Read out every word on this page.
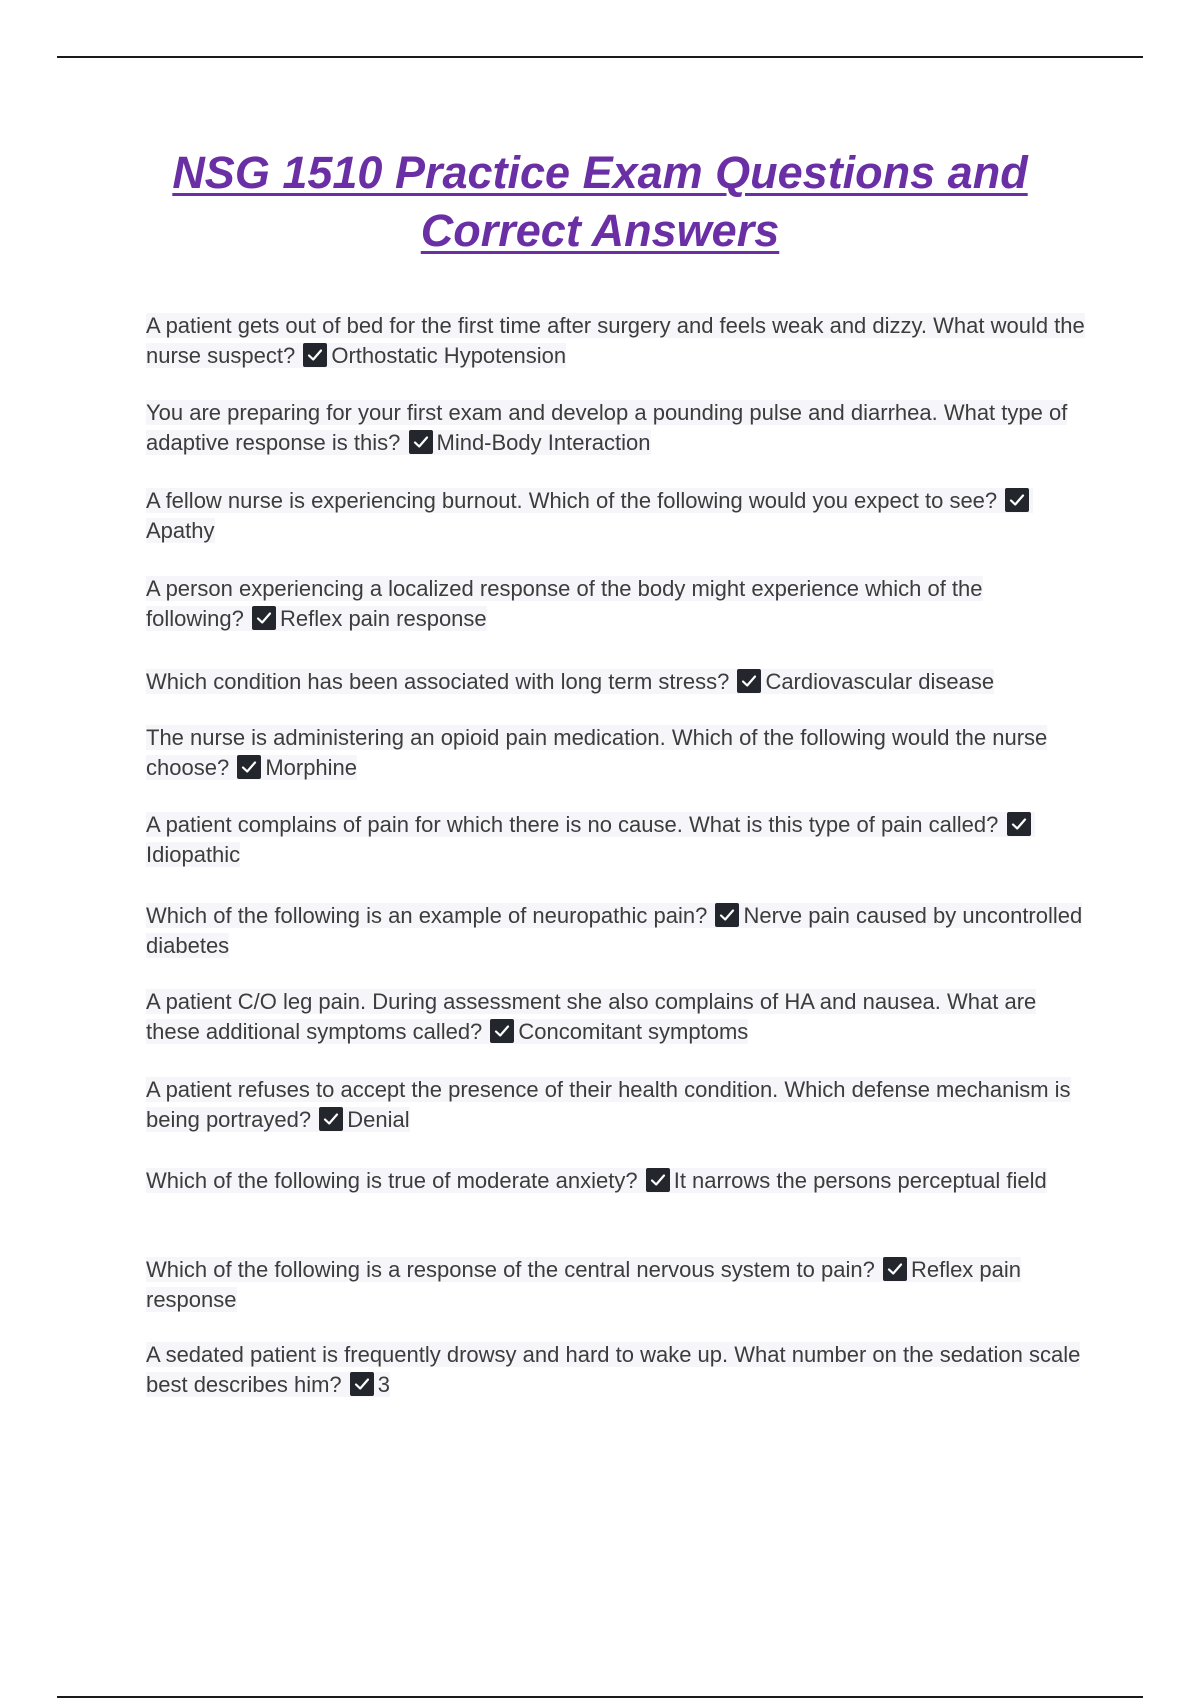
NSG 1510 Practice Exam Questions and Correct Answers

A patient gets out of bed for the first time after surgery and feels weak and dizzy. What would the nurse suspect? Orthostatic Hypotension

You are preparing for your first exam and develop a pounding pulse and diarrhea. What type of adaptive response is this? Mind-Body Interaction

A fellow nurse is experiencing burnout. Which of the following would you expect to see?
Apathy

A person experiencing a localized response of the body might experience which of the following? Reflex pain response

Which condition has been associated with long term stress? Cardiovascular disease

The nurse is administering an opioid pain medication. Which of the following would the nurse choose? Morphine

A patient complains of pain for which there is no cause. What is this type of pain called?
Idiopathic

Which of the following is an example of neuropathic pain? Nerve pain caused by uncontrolled diabetes

A patient C/O leg pain. During assessment she also complains of HA and nausea. What are these additional symptoms called? Concomitant symptoms

A patient refuses to accept the presence of their health condition. Which defense mechanism is being portrayed? Denial

Which of the following is true of moderate anxiety? It narrows the persons perceptual field

Which of the following is a response of the central nervous system to pain? Reflex pain response

A sedated patient is frequently drowsy and hard to wake up. What number on the sedation scale best describes him? 3
